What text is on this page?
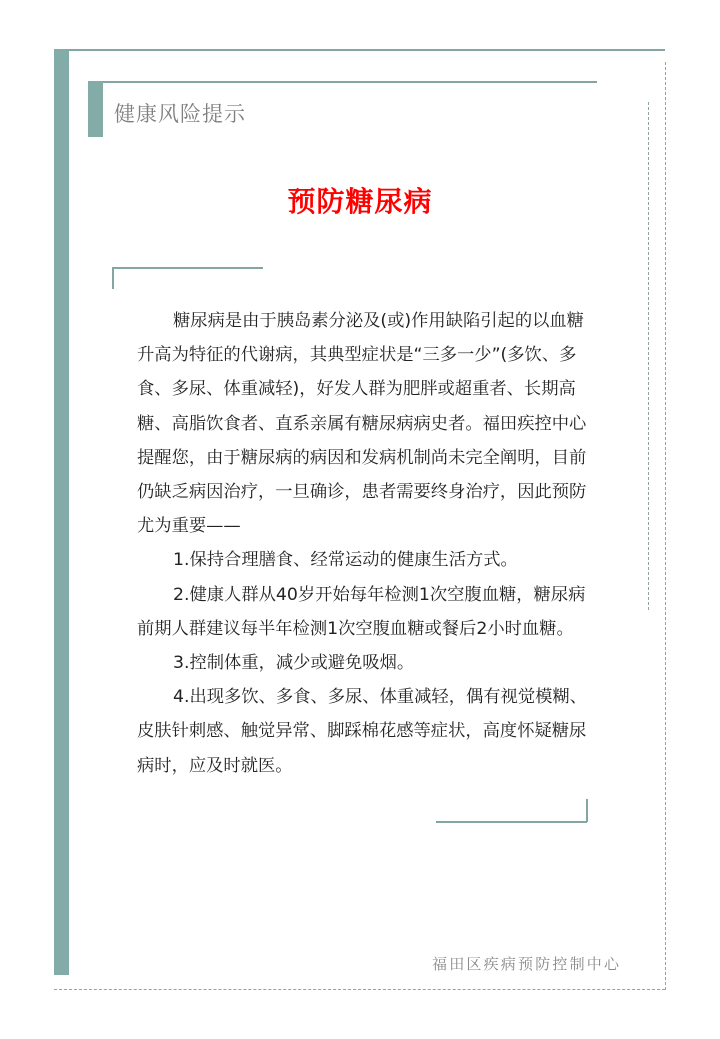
健康风险提示
预防糖尿病

糖尿病是由于胰岛素分泌及(或)作用缺陷引起的以血糖升高为特征的代谢病，其典型症状是“三多一少”(多饮、多食、多尿、体重减轻)，好发人群为肥胖或超重者、长期高糖、高脂饮食者、直系亲属有糖尿病病史者。福田疾控中心提醒您，由于糖尿病的病因和发病机制尚未完全阐明，目前仍缺乏病因治疗，一旦确诊，患者需要终身治疗，因此预防尤为重要——

1.保持合理膳食、经常运动的健康生活方式。

2.健康人群从40岁开始每年检测1次空腹血糖，糖尿病前期人群建议每半年检测1次空腹血糖或餐后2小时血糖。

3.控制体重，减少或避免吸烟。

4.出现多饮、多食、多尿、体重减轻，偶有视觉模糊、皮肤针刺感、触觉异常、脚踩棉花感等症状，高度怀疑糖尿病时，应及时就医。

福田区疾病预防控制中心
